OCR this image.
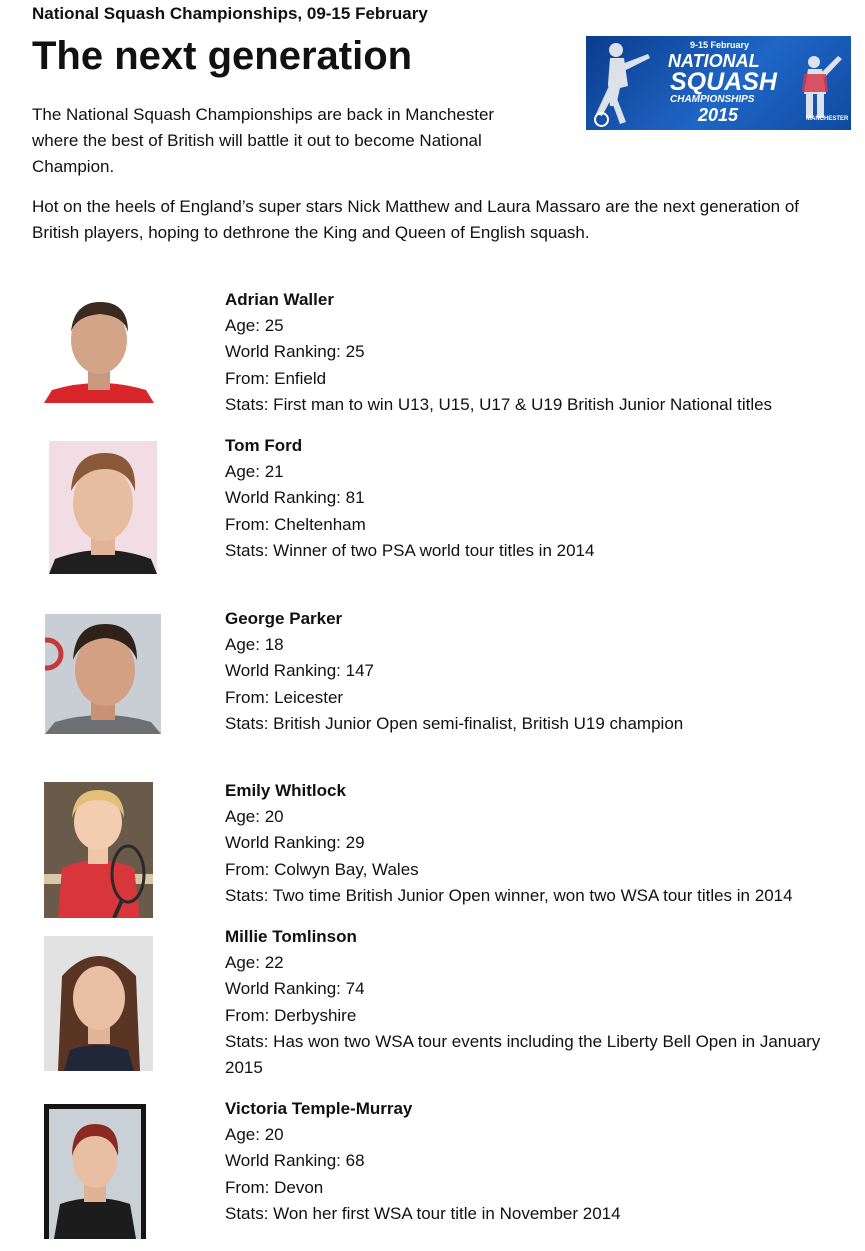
National Squash Championships, 09-15 February
The next generation

The National Squash Championships are back in Manchester where the best of British will battle it out to become National Champion.

Hot on the heels of England’s super stars Nick Matthew and Laura Massaro are the next generation of British players, hoping to dethrone the King and Queen of English squash.

9-15 February
NATIONAL
SQUASH
CHAMPIONSHIPS
2015	MANCHESTER
Adrian Waller
Age: 25
World Ranking: 25
From: Enfield
Stats: First man to win U13, U15, U17 & U19 British Junior National titles
Tom Ford
Age: 21
World Ranking: 81
From: Cheltenham
Stats: Winner of two PSA world tour titles in 2014
George Parker
Age: 18
World Ranking: 147
From: Leicester
Stats: British Junior Open semi-finalist, British U19 champion
Emily Whitlock
Age: 20
World Ranking: 29
From: Colwyn Bay, Wales
Stats: Two time British Junior Open winner, won two WSA tour titles in 2014
Millie Tomlinson
Age: 22
World Ranking: 74
From: Derbyshire
Stats: Has won two WSA tour events including the Liberty Bell Open in January 2015
Victoria Temple-Murray
Age: 20
World Ranking: 68
From: Devon
Stats: Won her first WSA tour title in November 2014
